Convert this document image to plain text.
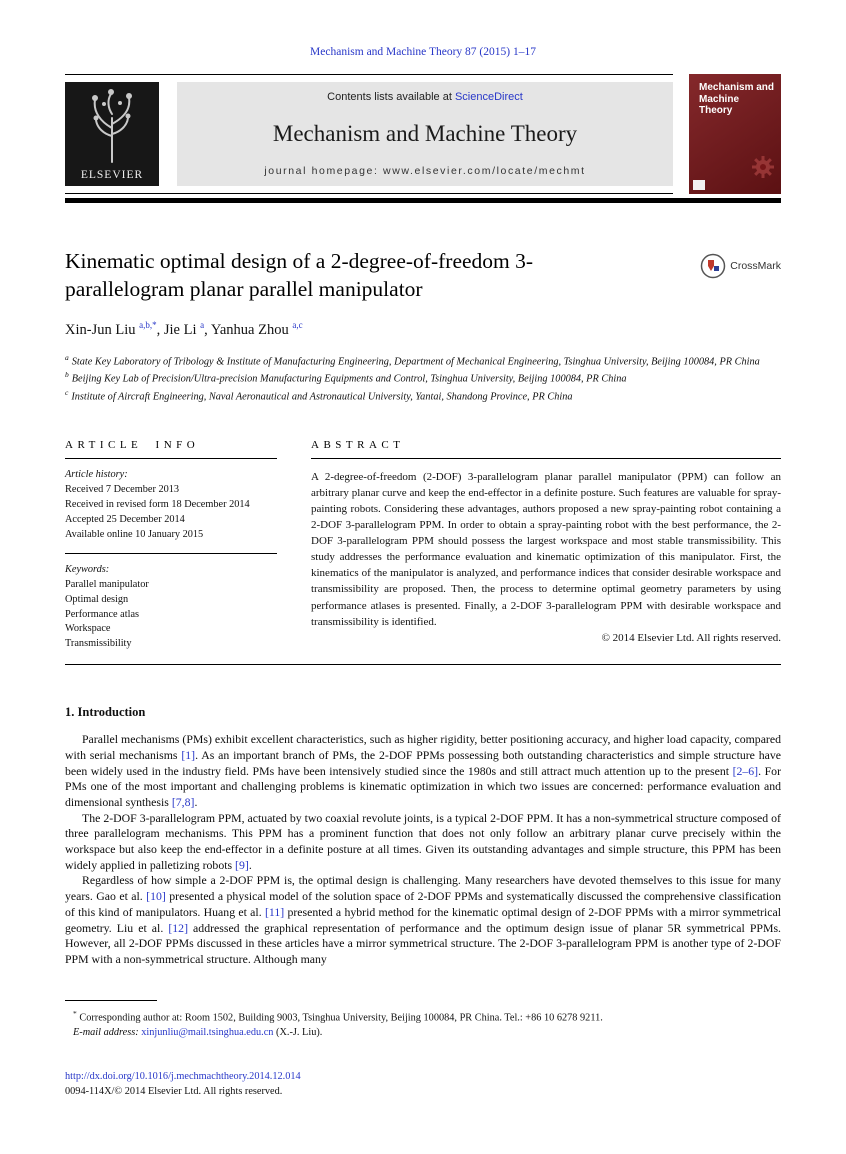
Mechanism and Machine Theory 87 (2015) 1–17
ELSEVIER
Contents lists available at ScienceDirect
Mechanism and Machine Theory
journal homepage: www.elsevier.com/locate/mechmt
Mechanism and Machine Theory
Kinematic optimal design of a 2-degree-of-freedom 3-parallelogram planar parallel manipulator
CrossMark
Xin-Jun Liu $^{a,b,*}$, Jie Li $^a$, Yanhua Zhou $^{a,c}$
$^a$ State Key Laboratory of Tribology & Institute of Manufacturing Engineering, Department of Mechanical Engineering, Tsinghua University, Beijing 100084, PR China
$^b$ Beijing Key Lab of Precision/Ultra-precision Manufacturing Equipments and Control, Tsinghua University, Beijing 100084, PR China
$^c$ Institute of Aircraft Engineering, Naval Aeronautical and Astronautical University, Yantai, Shandong Province, PR China
ARTICLE INFO
Article history:
Received 7 December 2013
Received in revised form 18 December 2014
Accepted 25 December 2014
Available online 10 January 2015
Keywords:
Parallel manipulator
Optimal design
Performance atlas
Workspace
Transmissibility
ABSTRACT

A 2-degree-of-freedom (2-DOF) 3-parallelogram planar parallel manipulator (PPM) can follow an arbitrary planar curve and keep the end-effector in a definite posture. Such features are valuable for spray-painting robots. Considering these advantages, authors proposed a new spray-painting robot containing a 2-DOF 3-parallelogram PPM. In order to obtain a spray-painting robot with the best performance, the 2-DOF 3-parallelogram PPM should possess the largest workspace and most stable transmissibility. This study addresses the performance evaluation and kinematic optimization of this manipulator. First, the kinematics of the manipulator is analyzed, and performance indices that consider desirable workspace and transmissibility are proposed. Then, the process to determine optimal geometry parameters by using performance atlases is presented. Finally, a 2-DOF 3-parallelogram PPM with desirable workspace and transmissibility is identified.

© 2014 Elsevier Ltd. All rights reserved.
1. Introduction

Parallel mechanisms (PMs) exhibit excellent characteristics, such as higher rigidity, better positioning accuracy, and higher load capacity, compared with serial mechanisms [1]. As an important branch of PMs, the 2-DOF PPMs possessing both outstanding characteristics and simple structure have been widely used in the industry field. PMs have been intensively studied since the 1980s and still attract much attention up to the present [2–6]. For PMs one of the most important and challenging problems is kinematic optimization in which two issues are concerned: performance evaluation and dimensional synthesis [7,8].

The 2-DOF 3-parallelogram PPM, actuated by two coaxial revolute joints, is a typical 2-DOF PPM. It has a non-symmetrical structure composed of three parallelogram mechanisms. This PPM has a prominent function that does not only follow an arbitrary planar curve precisely within the workspace but also keep the end-effector in a definite posture at all times. Given its outstanding advantages and simple structure, this PPM has been widely applied in palletizing robots [9].

Regardless of how simple a 2-DOF PPM is, the optimal design is challenging. Many researchers have devoted themselves to this issue for many years. Gao et al. [10] presented a physical model of the solution space of 2-DOF PPMs and systematically discussed the comprehensive classification of this kind of manipulators. Huang et al. [11] presented a hybrid method for the kinematic optimal design of 2-DOF PPMs with a mirror symmetrical geometry. Liu et al. [12] addressed the graphical representation of performance and the optimum design issue of planar 5R symmetrical PPMs. However, all 2-DOF PPMs discussed in these articles have a mirror symmetrical structure. The 2-DOF 3-parallelogram PPM is another type of 2-DOF PPM with a non-symmetrical structure. Although many

* Corresponding author at: Room 1502, Building 9003, Tsinghua University, Beijing 100084, PR China. Tel.: +86 10 6278 9211.
E-mail address: xinjunliu@mail.tsinghua.edu.cn (X.-J. Liu).
http://dx.doi.org/10.1016/j.mechmachtheory.2014.12.014
0094-114X/© 2014 Elsevier Ltd. All rights reserved.
